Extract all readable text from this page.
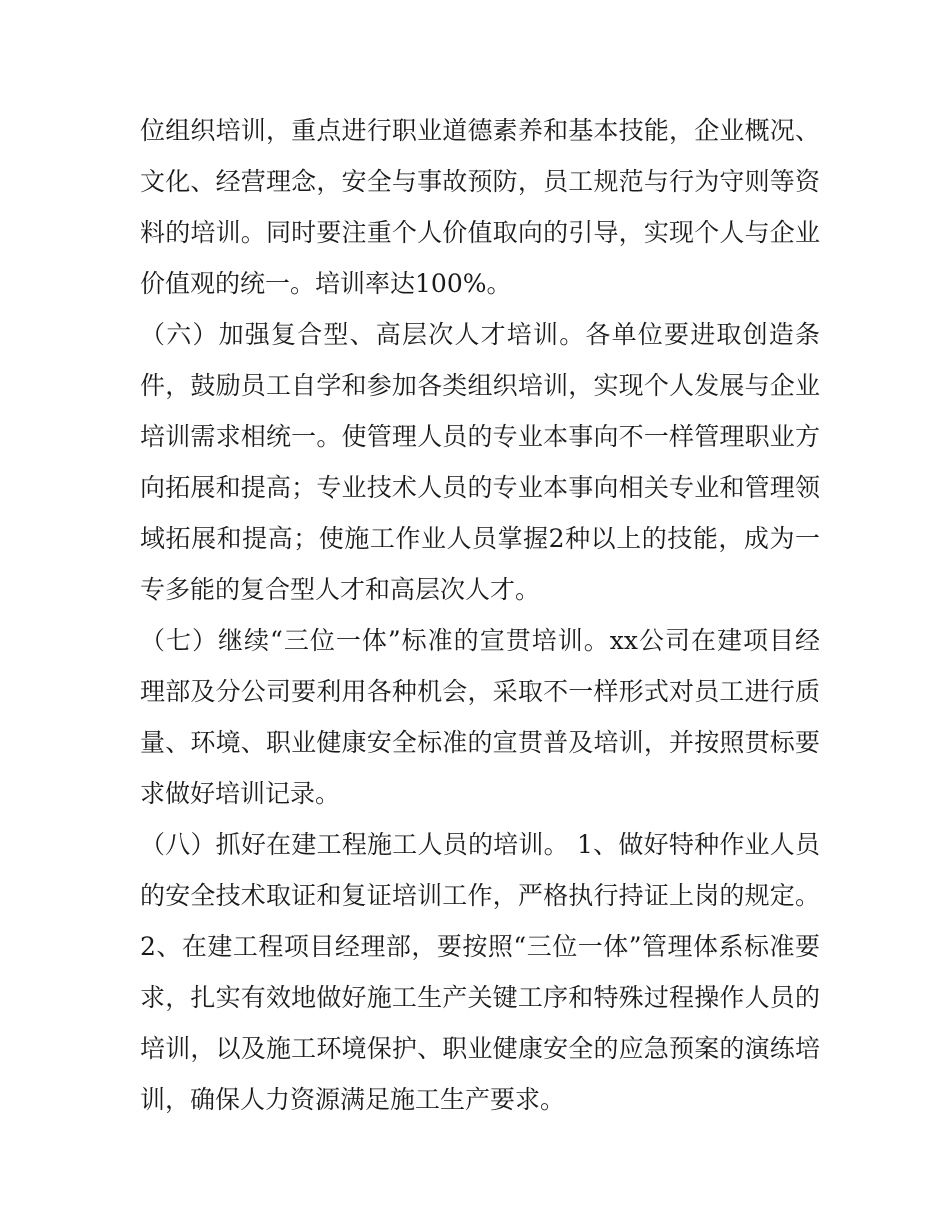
位组织培训，重点进行职业道德素养和基本技能，企业概况、
文化、经营理念，安全与事故预防，员工规范与行为守则等资
料的培训。同时要注重个人价值取向的引导，实现个人与企业
价值观的统一。培训率达100%。
（六）加强复合型、高层次人才培训。各单位要进取创造条
件，鼓励员工自学和参加各类组织培训，实现个人发展与企业
培训需求相统一。使管理人员的专业本事向不一样管理职业方
向拓展和提高；专业技术人员的专业本事向相关专业和管理领
域拓展和提高；使施工作业人员掌握2种以上的技能，成为一
专多能的复合型人才和高层次人才。
（七）继续“三位一体”标准的宣贯培训。xx公司在建项目经
理部及分公司要利用各种机会，采取不一样形式对员工进行质
量、环境、职业健康安全标准的宣贯普及培训，并按照贯标要
求做好培训记录。
（八）抓好在建工程施工人员的培训。 1、做好特种作业人员
的安全技术取证和复证培训工作，严格执行持证上岗的规定。
2、在建工程项目经理部，要按照“三位一体”管理体系标准要
求，扎实有效地做好施工生产关键工序和特殊过程操作人员的
培训，以及施工环境保护、职业健康安全的应急预案的演练培
训，确保人力资源满足施工生产要求。
